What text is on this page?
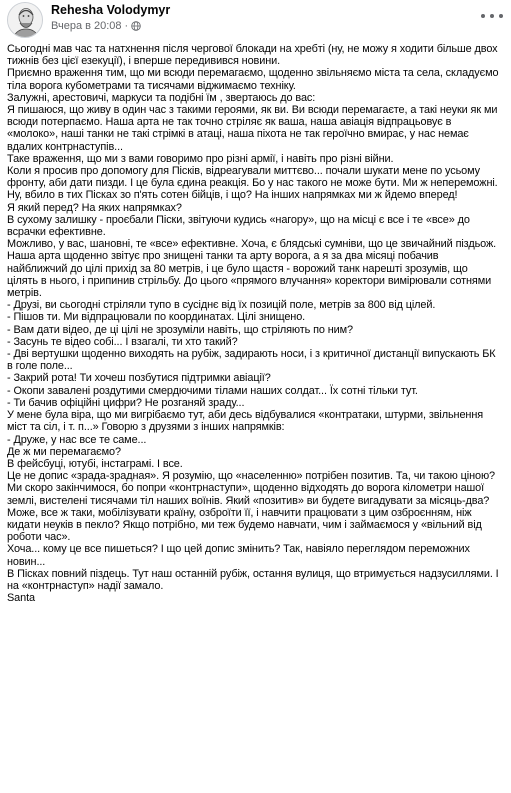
Rehesha Volodymyr
Вчера в 20:08 ·

Сьогодні мав час та натхнення після чергової блокади на хребті (ну, не можу я ходити більше двох тижнів без цієї езекуції), і вперше передивився новини.

Приємно враження тим, що ми всюди перемагаємо, щоденно звільняємо міста та села, складуємо тіла ворога кубометрами та тисячами віджимаємо техніку.

Залужні, арестовичі, маркуси та подібні їм , звертаюсь до вас:

Я пишаюся, що живу в один час з такими героями, як ви. Ви всюди перемагаєте, а такі неуки як ми всюди потерпаємо. Наша арта не так точно стріляє як ваша, наша авіація відпрацьовує в «молоко», наші танки не такі стрімкі в атаці, наша піхота не так героїчно вмирає, у нас немає вдалих контрнаступів...

Таке враження, що ми з вами говоримо про різні армії, і навіть про різні війни.

Коли я просив про допомогу для Пісків, відреагували миттєво... почали шукати мене по усьому фронту, аби дати пизди. І це була єдина реакція. Бо у нас такого не може бути. Ми ж непереможні. Ну, вбило в тих Пісках зо п'ять сотен бійців, і що? На інших напрямках ми ж йдемо вперед!

Я який перед? На яких напрямках?

В сухому залишку - проєбали Піски, звітуючи кудись «нагору», що на місці є все і те «все» до всрачки ефективне.

Можливо, у вас, шановні, те «все» ефективне. Хоча, є блядські сумніви, що це звичайний пiздьож.

Наша арта щоденно звітує про знищені танки та арту ворога, а я за два місяці побачив найближчий до цілі прихід за 80 метрів, і це було щастя - ворожий танк нарешті зрозумів, що цілять в нього, і припинив стрільбу. До цього «прямого влучання» коректори вимірювали сотнями метрів.

- Друзі, ви сьогодні стріляли тупо в сусіднє від їх позицій поле, метрів за 800 від цілей.

- Пішов ти. Ми відпрацювали по координатах. Цілі знищено.

- Вам дати відео, де ці цілі не зрозуміли навіть, що стріляють по ним?

- Засунь те відео собі... І взагалі, ти хто такий?

- Дві вертушки щоденно виходять на рубіж, задирають носи, і з критичної дистанції випускають БК в голе поле...

- Закрий рота! Ти хочеш позбутися підтримки авіації?

- Окопи завалені роздутими смердючими тілами наших солдат... Їх сотні тільки тут.

- Ти бачив офіційні цифри? Не розганяй зраду...

У мене була віра, що ми вигрібаємо тут, аби десь відбувалися «контратаки, штурми, звільнення міст та сіл, і т. п...» Говорю з друзями з інших напрямків:

- Друже, у нас все те саме...

Де ж ми перемагаємо?

В фейсбуці, ютубі, інстаграмі. І все.

Це не допис «зрада-зрадная». Я розумію, що «населенню» потрібен позитив. Та, чи такою ціною?

Ми скоро закінчимося, бо попри «контрнаступи», щоденно відходять до ворога кілометри нашої землі, вистелені тисячами тіл наших воїнів. Який «позитив» ви будете вигадувати за місяць-два?

Може, все ж таки, мобілізувати країну, озброїти її, і навчити працювати з цим озброєнням, ніж кидати неуків в пекло? Якщо потрібно, ми теж будемо навчати, чим і займаємося у «вільний від роботи час».

Хоча... кому це все пишеться? І що цей допис змінить? Так, навіяло переглядом переможних новин...

В Пісках повний піздець. Тут наш останній рубіж, остання вулиця, що втримується надзусиллями. І на «контрнаступ» надії замало.

Santa
